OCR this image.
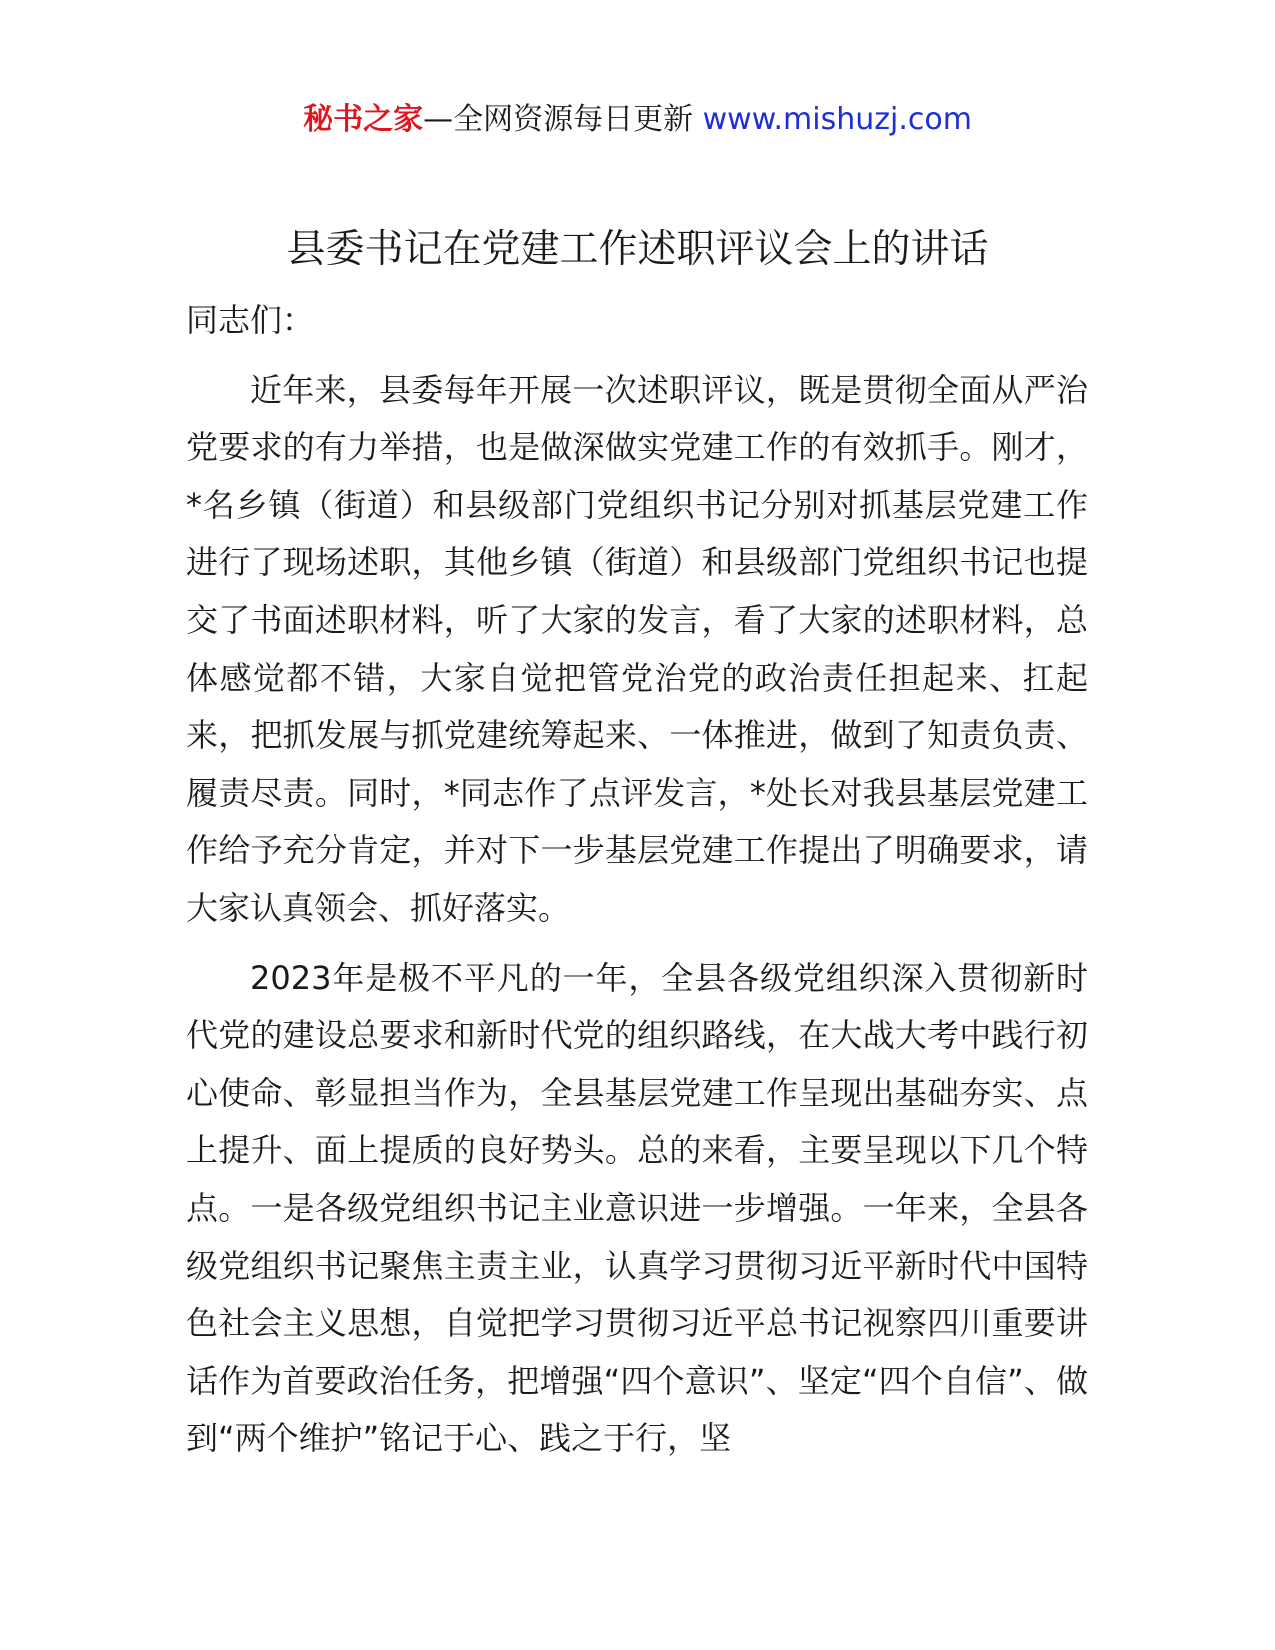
秘书之家—全网资源每日更新 www.mishuzj.com
县委书记在党建工作述职评议会上的讲话

同志们：

近年来，县委每年开展一次述职评议，既是贯彻全面从严治党要求的有力举措，也是做深做实党建工作的有效抓手。刚才，*名乡镇（街道）和县级部门党组织书记分别对抓基层党建工作进行了现场述职，其他乡镇（街道）和县级部门党组织书记也提交了书面述职材料，听了大家的发言，看了大家的述职材料，总体感觉都不错，大家自觉把管党治党的政治责任担起来、扛起来，把抓发展与抓党建统筹起来、一体推进，做到了知责负责、履责尽责。同时，*同志作了点评发言，*处长对我县基层党建工作给予充分肯定，并对下一步基层党建工作提出了明确要求，请大家认真领会、抓好落实。

2023年是极不平凡的一年，全县各级党组织深入贯彻新时代党的建设总要求和新时代党的组织路线，在大战大考中践行初心使命、彰显担当作为，全县基层党建工作呈现出基础夯实、点上提升、面上提质的良好势头。总的来看，主要呈现以下几个特点。一是各级党组织书记主业意识进一步增强。一年来，全县各级党组织书记聚焦主责主业，认真学习贯彻习近平新时代中国特色社会主义思想，自觉把学习贯彻习近平总书记视察四川重要讲话作为首要政治任务，把增强“四个意识”、坚定“四个自信”、做到“两个维护”铭记于心、践之于行，坚
